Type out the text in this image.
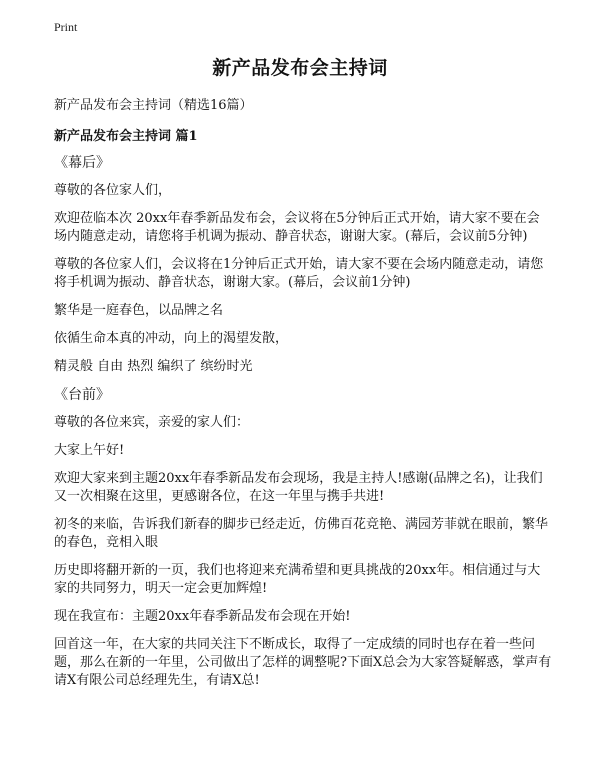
Print
新产品发布会主持词
新产品发布会主持词（精选16篇）
新产品发布会主持词 篇1

《幕后》

尊敬的各位家人们，

欢迎莅临本次 20xx年春季新品发布会，会议将在5分钟后正式开始，请大家不要在会场内随意走动，请您将手机调为振动、静音状态，谢谢大家。(幕后，会议前5分钟)

尊敬的各位家人们，会议将在1分钟后正式开始，请大家不要在会场内随意走动，请您将手机调为振动、静音状态，谢谢大家。(幕后，会议前1分钟)

繁华是一庭春色，以品牌之名

依循生命本真的冲动，向上的渴望发散，

精灵般 自由 热烈 编织了 缤纷时光

《台前》

尊敬的各位来宾，亲爱的家人们：

大家上午好!

欢迎大家来到主题20xx年春季新品发布会现场，我是主持人!感谢(品牌之名)，让我们又一次相聚在这里，更感谢各位，在这一年里与携手共进!

初冬的来临，告诉我们新春的脚步已经走近，仿佛百花竞艳、满园芳菲就在眼前，繁华的春色，竞相入眼

历史即将翻开新的一页，我们也将迎来充满希望和更具挑战的20xx年。相信通过与大家的共同努力，明天一定会更加辉煌!

现在我宣布：主题20xx年春季新品发布会现在开始!

回首这一年，在大家的共同关注下不断成长，取得了一定成绩的同时也存在着一些问题，那么在新的一年里，公司做出了怎样的调整呢?下面X总会为大家答疑解惑，掌声有请X有限公司总经理先生，有请X总!
